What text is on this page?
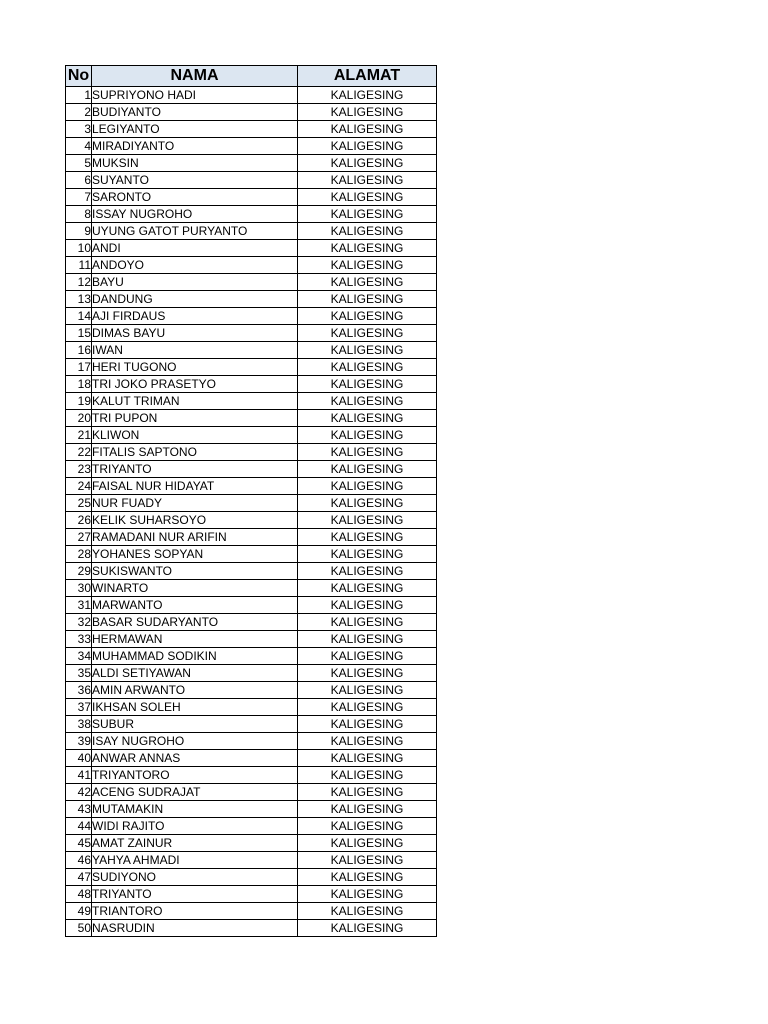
No	NAMA	ALAMAT
1	SUPRIYONO HADI	KALIGESING
2	BUDIYANTO	KALIGESING
3	LEGIYANTO	KALIGESING
4	MIRADIYANTO	KALIGESING
5	MUKSIN	KALIGESING
6	SUYANTO	KALIGESING
7	SARONTO	KALIGESING
8	ISSAY NUGROHO	KALIGESING
9	UYUNG GATOT PURYANTO	KALIGESING
10	ANDI	KALIGESING
11	ANDOYO	KALIGESING
12	BAYU	KALIGESING
13	DANDUNG	KALIGESING
14	AJI FIRDAUS	KALIGESING
15	DIMAS BAYU	KALIGESING
16	IWAN	KALIGESING
17	HERI TUGONO	KALIGESING
18	TRI JOKO PRASETYO	KALIGESING
19	KALUT TRIMAN	KALIGESING
20	TRI PUPON	KALIGESING
21	KLIWON	KALIGESING
22	FITALIS SAPTONO	KALIGESING
23	TRIYANTO	KALIGESING
24	FAISAL NUR HIDAYAT	KALIGESING
25	NUR FUADY	KALIGESING
26	KELIK SUHARSOYO	KALIGESING
27	RAMADANI NUR ARIFIN	KALIGESING
28	YOHANES SOPYAN	KALIGESING
29	SUKISWANTO	KALIGESING
30	WINARTO	KALIGESING
31	MARWANTO	KALIGESING
32	BASAR SUDARYANTO	KALIGESING
33	HERMAWAN	KALIGESING
34	MUHAMMAD SODIKIN	KALIGESING
35	ALDI SETIYAWAN	KALIGESING
36	AMIN ARWANTO	KALIGESING
37	IKHSAN SOLEH	KALIGESING
38	SUBUR	KALIGESING
39	ISAY NUGROHO	KALIGESING
40	ANWAR ANNAS	KALIGESING
41	TRIYANTORO	KALIGESING
42	ACENG SUDRAJAT	KALIGESING
43	MUTAMAKIN	KALIGESING
44	WIDI RAJITO	KALIGESING
45	AMAT ZAINUR	KALIGESING
46	YAHYA AHMADI	KALIGESING
47	SUDIYONO	KALIGESING
48	TRIYANTO	KALIGESING
49	TRIANTORO	KALIGESING
50	NASRUDIN	KALIGESING
